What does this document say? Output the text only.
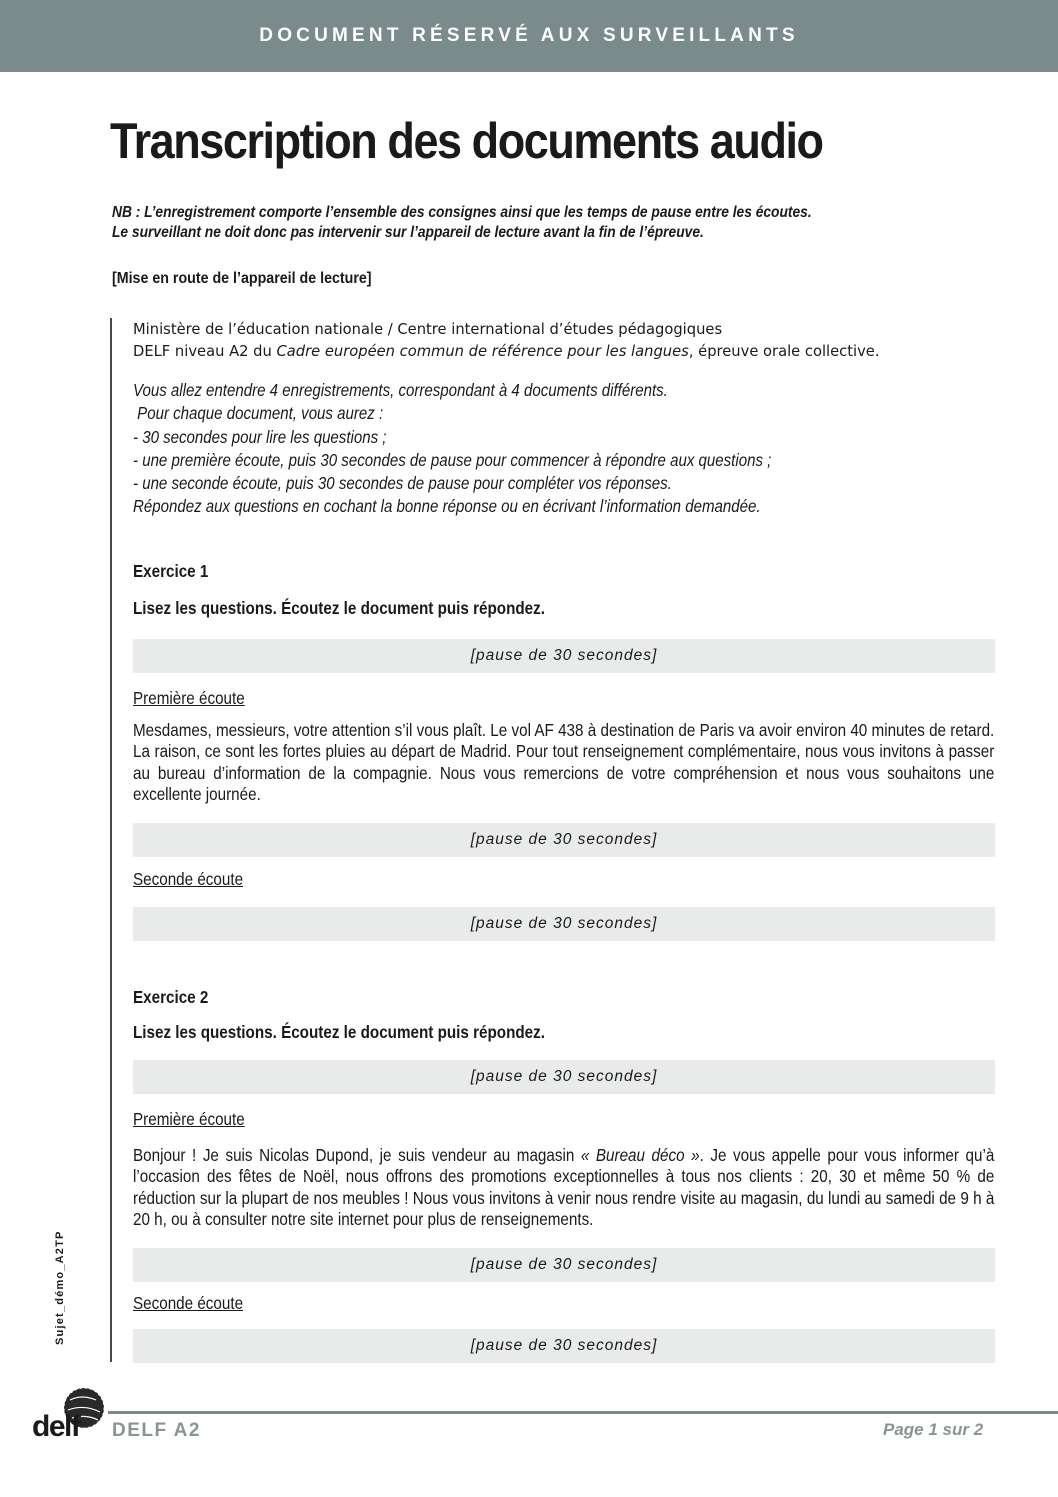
DOCUMENT RÉSERVÉ AUX SURVEILLANTS
Transcription des documents audio
NB : L’enregistrement comporte l’ensemble des consignes ainsi que les temps de pause entre les écoutes.
Le surveillant ne doit donc pas intervenir sur l’appareil de lecture avant la fin de l’épreuve.
[Mise en route de l’appareil de lecture]
Ministère de l’éducation nationale / Centre international d’études pédagogiques
DELF niveau A2 du Cadre européen commun de référence pour les langues, épreuve orale collective.
Vous allez entendre 4 enregistrements, correspondant à 4 documents différents.
Pour chaque document, vous aurez :
- 30 secondes pour lire les questions ;
- une première écoute, puis 30 secondes de pause pour commencer à répondre aux questions ;
- une seconde écoute, puis 30 secondes de pause pour compléter vos réponses.
Répondez aux questions en cochant la bonne réponse ou en écrivant l’information demandée.
Exercice 1
Lisez les questions. Écoutez le document puis répondez.
[pause de 30 secondes]
Première écoute
Mesdames, messieurs, votre attention s’il vous plaît. Le vol AF 438 à destination de Paris va avoir environ 40 minutes de retard. La raison, ce sont les fortes pluies au départ de Madrid. Pour tout renseignement complémentaire, nous vous invitons à passer au bureau d’information de la compagnie. Nous vous remercions de votre compréhension et nous vous souhaitons une excellente journée.
[pause de 30 secondes]
Seconde écoute
[pause de 30 secondes]
Exercice 2
Lisez les questions. Écoutez le document puis répondez.
[pause de 30 secondes]
Première écoute
Bonjour ! Je suis Nicolas Dupond, je suis vendeur au magasin « Bureau déco ». Je vous appelle pour vous informer qu’à l’occasion des fêtes de Noël, nous offrons des promotions exceptionnelles à tous nos clients : 20, 30 et même 50 % de réduction sur la plupart de nos meubles ! Nous vous invitons à venir nous rendre visite au magasin, du lundi au samedi de 9 h à 20 h, ou à consulter notre site internet pour plus de renseignements.
[pause de 30 secondes]
Seconde écoute
[pause de 30 secondes]
Sujet_démo_A2TP
delf DELF A2	Page 1 sur 2
